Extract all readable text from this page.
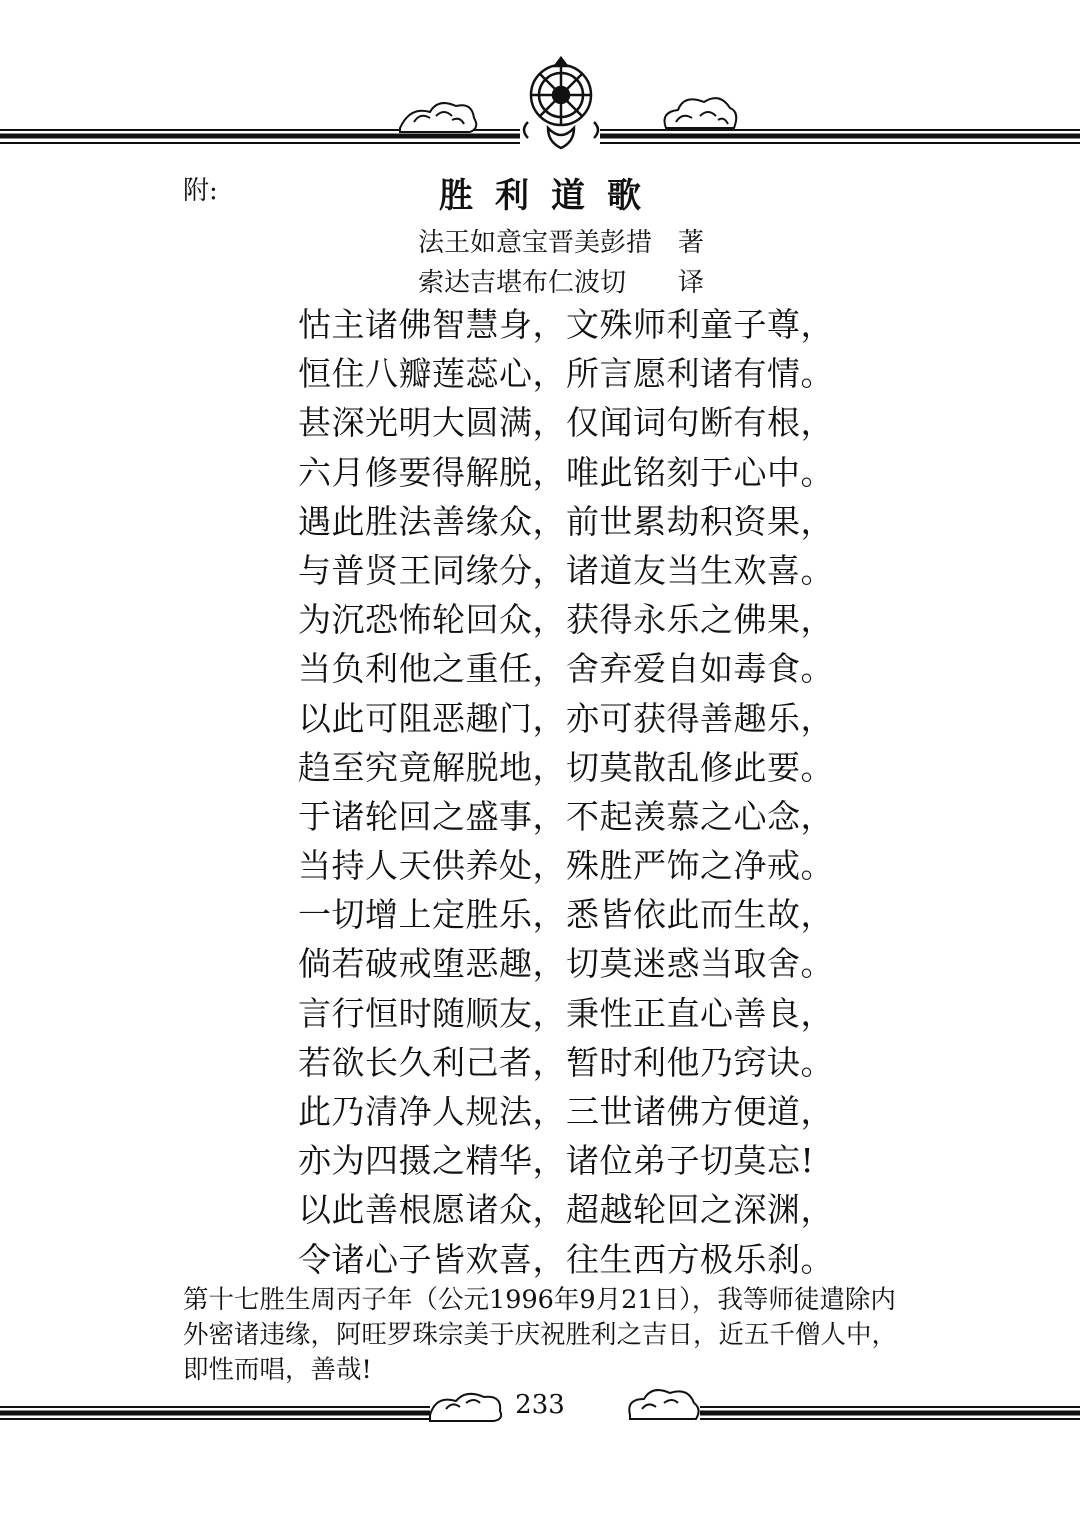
附:	胜利道歌
法王如意宝晋美彭措　著
索达吉堪布仁波切　　译
怙主诸佛智慧身，文殊师利童子尊，
恒住八瓣莲蕊心，所言愿利诸有情。
甚深光明大圆满，仅闻词句断有根，
六月修要得解脱，唯此铭刻于心中。
遇此胜法善缘众，前世累劫积资果，
与普贤王同缘分，诸道友当生欢喜。
为沉恐怖轮回众，获得永乐之佛果，
当负利他之重任，舍弃爱自如毒食。
以此可阻恶趣门，亦可获得善趣乐，
趋至究竟解脱地，切莫散乱修此要。
于诸轮回之盛事，不起羡慕之心念，
当持人天供养处，殊胜严饰之净戒。
一切增上定胜乐，悉皆依此而生故，
倘若破戒堕恶趣，切莫迷惑当取舍。
言行恒时随顺友，秉性正直心善良，
若欲长久利己者，暂时利他乃窍诀。
此乃清净人规法，三世诸佛方便道，
亦为四摄之精华，诸位弟子切莫忘!
以此善根愿诸众，超越轮回之深渊，
令诸心子皆欢喜，往生西方极乐刹。
第十七胜生周丙子年（公元1996年9月21日），我等师徒遣除内
外密诸违缘，阿旺罗珠宗美于庆祝胜利之吉日，近五千僧人中，
即性而唱，善哉!
233
